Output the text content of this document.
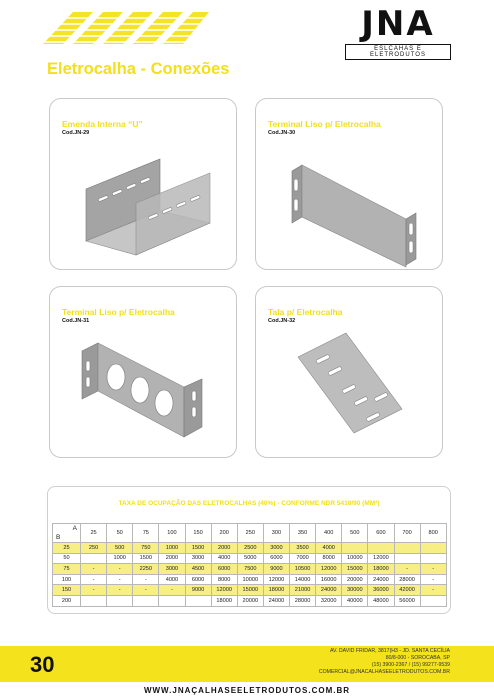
JNA
ESLCAHAS E ELETRODUTOS
Eletrocalha - Conexões
Emenda Interna “U”
Cod.JN-29
Terminal Liso p/ Eletrocalha
Cod.JN-30
Terminal Liso p/ Eletrocalha
Cod.JN-31
Tala p/ Eletrocalha
Cod.JN-32
TAXA DE OCUPAÇÃO DAS ELETROCALHAS (40%) - CONFORME NBR 5410/90 (MM²)
A
B	25	50	75	100	150	200	250	300	350	400	500	600	700	800
25	250	500	750	1000	1500	2000	2500	3000	3500	4000				
50		1000	1500	2000	3000	4000	5000	6000	7000	8000	10000	12000		
75	-	-	2250	3000	4500	6000	7500	9000	10500	12000	15000	18000	-	-
100	-	-	-	4000	6000	8000	10000	12000	14000	16000	20000	24000	28000	-
150	-	-	-	-	9000	12000	15000	18000	21000	24000	30000	36000	42000	-
200						18000	20000	24000	28000	32000	40000	48000	56000	
30
AV. DAVID FRIDAR, 3817(H3 - JD. SANTA CECÍLIA
80/8-000 - SOROCABA, SP
(15) 3900-2367 / (15) 99277-9539
COMERCIAL@JNACALHASEELETRODUTOS.COM.BR
WWW.JNAÇALHASEELETRODUTOS.COM.BR
